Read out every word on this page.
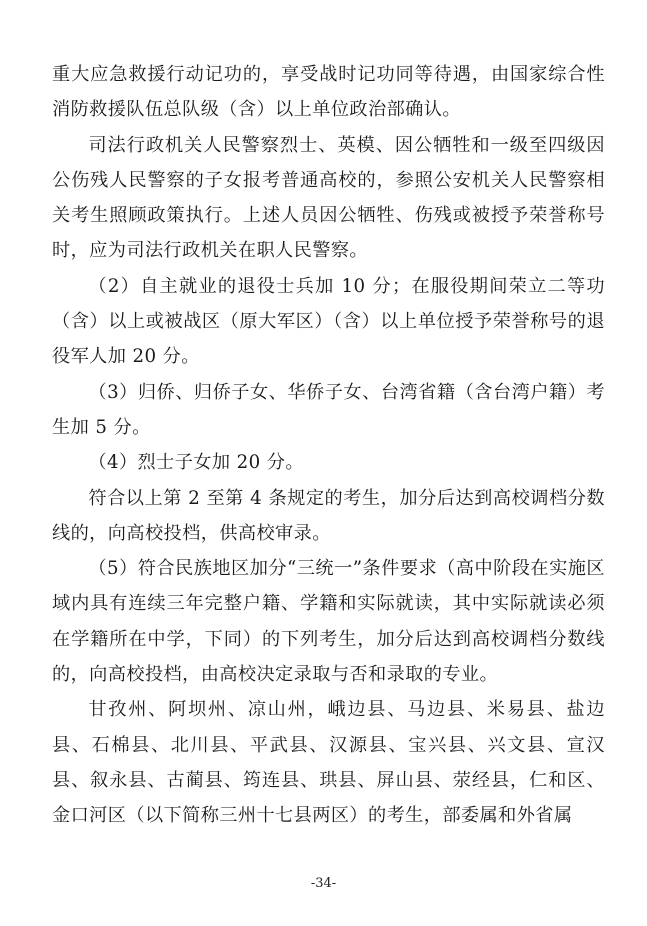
重大应急救援行动记功的，享受战时记功同等待遇，由国家综合性消防救援队伍总队级（含）以上单位政治部确认。

司法行政机关人民警察烈士、英模、因公牺牲和一级至四级因公伤残人民警察的子女报考普通高校的，参照公安机关人民警察相关考生照顾政策执行。上述人员因公牺牲、伤残或被授予荣誉称号时，应为司法行政机关在职人民警察。

（2）自主就业的退役士兵加 10 分；在服役期间荣立二等功（含）以上或被战区（原大军区）（含）以上单位授予荣誉称号的退役军人加 20 分。

（3）归侨、归侨子女、华侨子女、台湾省籍（含台湾户籍）考生加 5 分。

（4）烈士子女加 20 分。

符合以上第 2 至第 4 条规定的考生，加分后达到高校调档分数线的，向高校投档，供高校审录。

（5）符合民族地区加分“三统一”条件要求（高中阶段在实施区域内具有连续三年完整户籍、学籍和实际就读，其中实际就读必须在学籍所在中学，下同）的下列考生，加分后达到高校调档分数线的，向高校投档，由高校决定录取与否和录取的专业。

甘孜州、阿坝州、凉山州，峨边县、马边县、米易县、盐边县、石棉县、北川县、平武县、汉源县、宝兴县、兴文县、宣汉县、叙永县、古蔺县、筠连县、珙县、屏山县、荥经县，仁和区、金口河区（以下简称三州十七县两区）的考生，部委属和外省属

-34-
